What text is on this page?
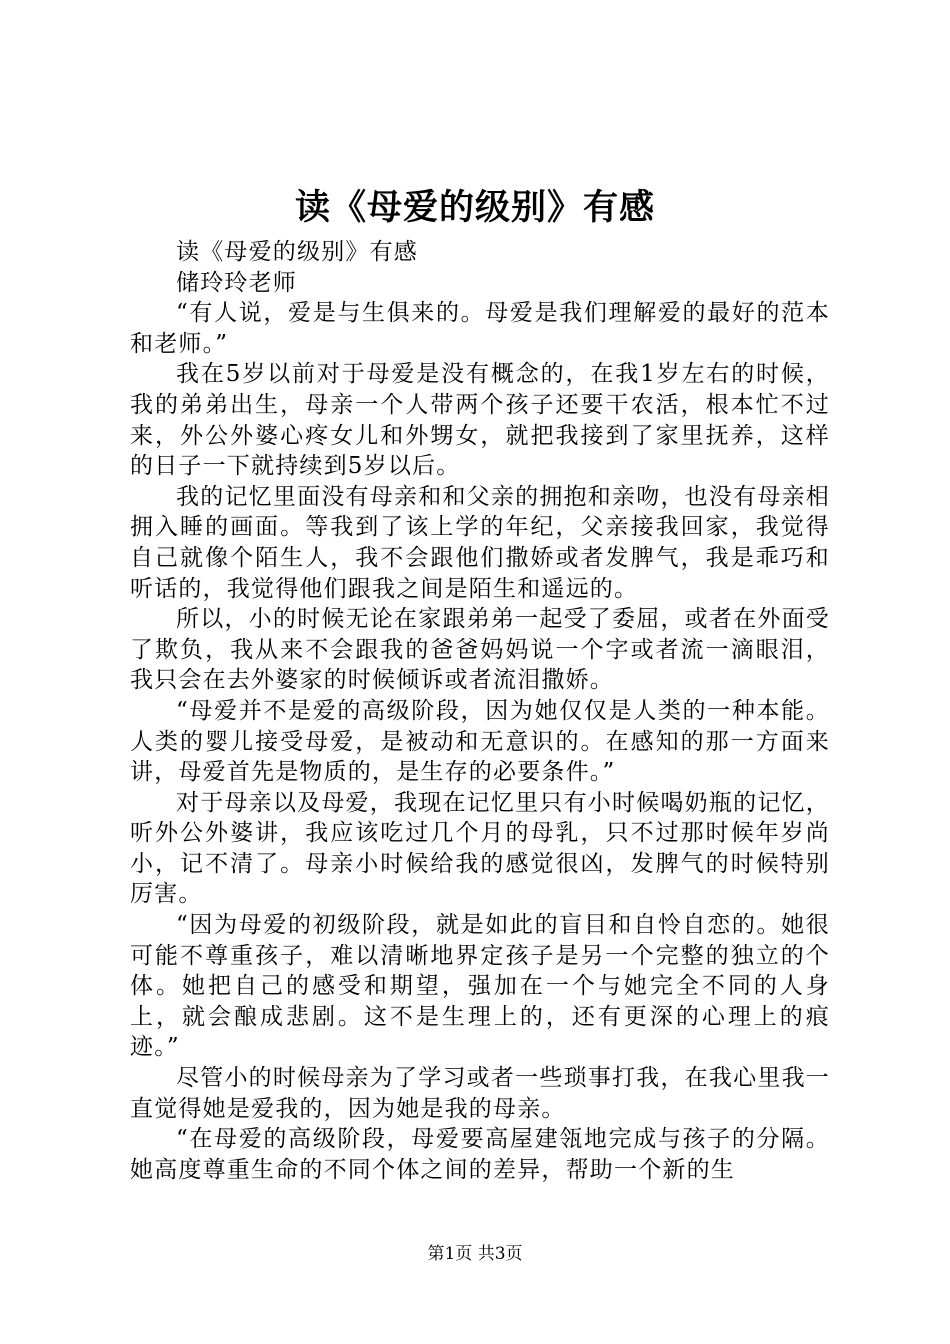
读《母爱的级别》有感

读《母爱的级别》有感

储玲玲老师

“有人说，爱是与生俱来的。母爱是我们理解爱的最好的范本和老师。”

我在5岁以前对于母爱是没有概念的，在我1岁左右的时候，我的弟弟出生，母亲一个人带两个孩子还要干农活，根本忙不过来，外公外婆心疼女儿和外甥女，就把我接到了家里抚养，这样的日子一下就持续到5岁以后。

我的记忆里面没有母亲和和父亲的拥抱和亲吻，也没有母亲相拥入睡的画面。等我到了该上学的年纪，父亲接我回家，我觉得自己就像个陌生人，我不会跟他们撒娇或者发脾气，我是乖巧和听话的，我觉得他们跟我之间是陌生和遥远的。

所以，小的时候无论在家跟弟弟一起受了委屈，或者在外面受了欺负，我从来不会跟我的爸爸妈妈说一个字或者流一滴眼泪，我只会在去外婆家的时候倾诉或者流泪撒娇。

“母爱并不是爱的高级阶段，因为她仅仅是人类的一种本能。人类的婴儿接受母爱，是被动和无意识的。在感知的那一方面来讲，母爱首先是物质的，是生存的必要条件。”

对于母亲以及母爱，我现在记忆里只有小时候喝奶瓶的记忆，听外公外婆讲，我应该吃过几个月的母乳，只不过那时候年岁尚小，记不清了。母亲小时候给我的感觉很凶，发脾气的时候特别厉害。

“因为母爱的初级阶段，就是如此的盲目和自怜自恋的。她很可能不尊重孩子，难以清晰地界定孩子是另一个完整的独立的个体。她把自己的感受和期望，强加在一个与她完全不同的人身上，就会酿成悲剧。这不是生理上的，还有更深的心理上的痕迹。”

尽管小的时候母亲为了学习或者一些琐事打我，在我心里我一直觉得她是爱我的，因为她是我的母亲。

“在母爱的高级阶段，母爱要高屋建瓴地完成与孩子的分隔。她高度尊重生命的不同个体之间的差异，帮助一个新的生

第1页 共3页
